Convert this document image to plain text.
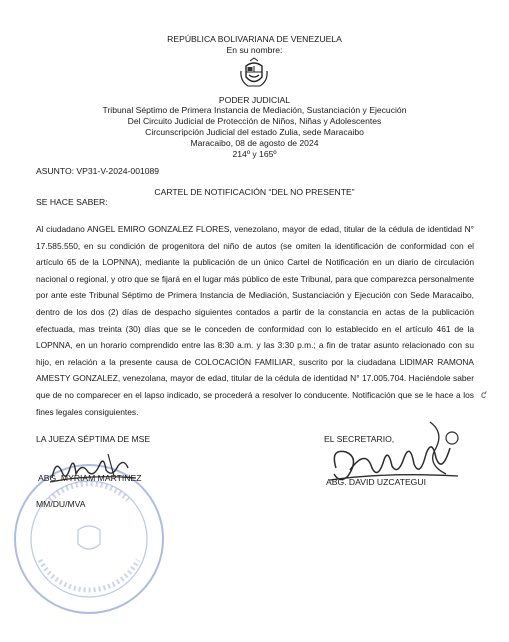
REPÚBLICA BOLIVARIANA DE VENEZUELA
En su nombre:
PODER JUDICIAL
Tribunal Séptimo de Primera Instancia de Mediación, Sustanciación y Ejecución
Del Circuito Judicial de Protección de Niños, Niñas y Adolescentes
Circunscripción Judicial del estado Zulia, sede Maracaibo
Maracaibo, 08 de agosto de 2024
214º y 165º
ASUNTO: VP31-V-2024-001089
CARTEL DE NOTIFICACIÓN “DEL NO PRESENTE”
SE HACE SABER:

Al ciudadano ANGEL EMIRO GONZALEZ FLORES, venezolano, mayor de edad, titular de la cédula de identidad N° 17.585.550, en su condición de progenitora del niño de autos (se omiten la identificación de conformidad con el artículo 65 de la LOPNNA), mediante la publicación de un único Cartel de Notificación en un diario de circulación nacional o regional, y otro que se fijará en el lugar más público de este Tribunal, para que comparezca personalmente por ante este Tribunal Séptimo de Primera Instancia de Mediación, Sustanciación y Ejecución con Sede Maracaibo, dentro de los dos (2) días de despacho siguientes contados a partir de la constancia en actas de la publicación efectuada, mas treinta (30) días que se le conceden de conformidad con lo establecido en el artículo 461 de la LOPNNA, en un horario comprendido entre las 8:30 a.m. y las 3:30 p.m.; a fin de tratar asunto relacionado con su hijo, en relación a la presente causa de COLOCACIÓN FAMILIAR, suscrito por la ciudadana LIDIMAR RAMONA AMESTY GONZALEZ, venezolana, mayor de edad, titular de la cédula de identidad N° 17.005.704. Haciéndole saber que de no comparecer en el lapso indicado, se procederá a resolver lo conducente. Notificación que se le hace a los fines legales consiguientes.

ƈ
LA JUEZA SÉPTIMA DE MSE
ABG. MYRIAM MARTINEZ
MM/DU/MVA
EL SECRETARIO,
ABG. DAVID UZCATEGUI
